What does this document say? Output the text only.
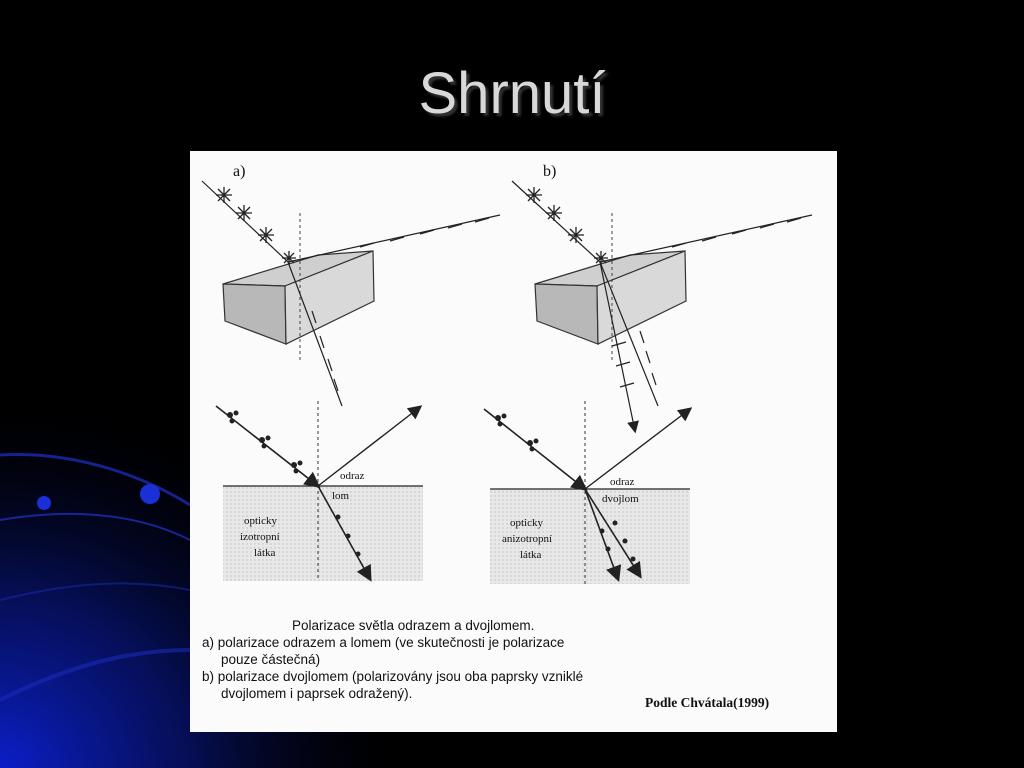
Shrnutí
a)	b)
odraz
lom
opticky
izotropní
látka
odraz
dvojlom
opticky
anizotropní
látka
Polarizace světla odrazem a dvojlomem.
a) polarizace odrazem a lomem (ve skutečnosti je polarizace
pouze částečná)
b) polarizace dvojlomem (polarizovány jsou oba paprsky vzniklé
dvojlomem i paprsek odražený).
Podle Chvátala(1999)
